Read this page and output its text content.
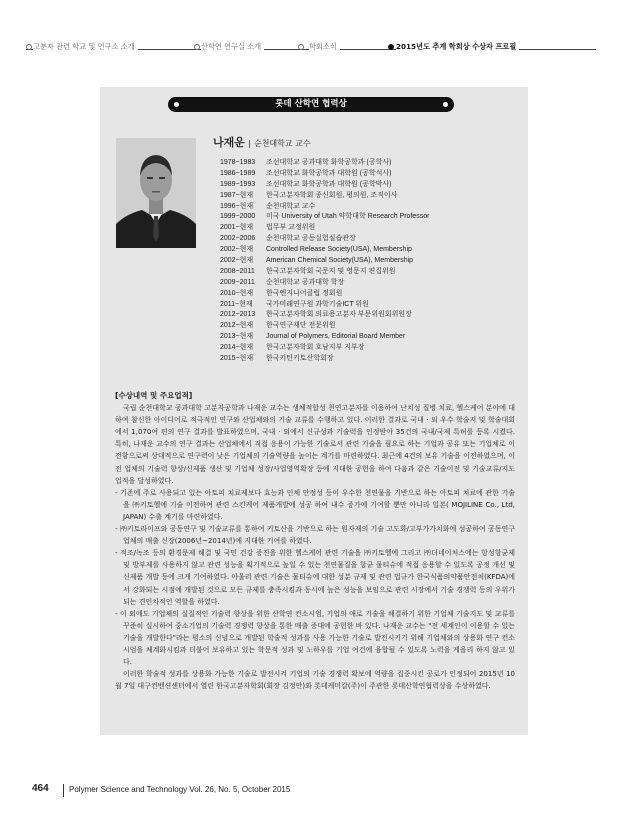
고분자 관련 학교 및 연구소 소개	산학연 연구실 소개	학회소식	2015년도 추계 학회상 수상자 프로필
롯데 산학연 협력상
나재운 | 순천대학교 교수
1978~1983 조선대학교 공과대학 화학공학과 (공학사)
1986~1989 조선대학교 화학공학과 대학원 (공학석사)
1989~1993 조선대학교 화학공학과 대학원 (공학박사)
1987~현재 한국고분자학회 종신회원, 평의원, 조직이사
1996~현재 순천대학교 교수
1999~2000 미국 University of Utah 약학대학 Research Professor
2001~현재 법무부 교정위원
2002~2006 순천대학교 공동실험실습관장
2002~현재 Controlled Release Society(USA), Membership
2002~현재 American Chemical Society(USA), Membership
2008~2011 한국고분자학회 국문지 및 영문지 편집위원
2009~2011 순천대학교 공과대학 학장
2010~현재 한국엔지니어클럽 정회원
2011~현재 국가미래연구원 과학기술ICT 위원
2012~2013 한국고분자학회 의료용고분자 부문위원회위원장
2012~현재 한국연구재단 전문위원
2013~현재 Journal of Polymers, Editorial Board Member
2014~현재 한국고분자학회 호남지부 지부장
2015~현재 한국키틴키토산학회장
[수상내역 및 주요업적]

국립 순천대학교 공과대학 고분자공학과 나재운 교수는 생체적합성 천연고분자를 이용하여 난치성 질병 치료, 헬스케어 분야에 대하여 참신한 아이디어로 적극적인 연구와 산업체와의 기술 교류를 수행하고 있다. 이러한 결과로 국내 · 외 우수 학술지 및 학술대회에서 1,070여 편의 연구 결과를 발표하였으며, 국내 · 외에서 신규성과 기술력을 인정받아 35건의 국내/국제 특허를 등록 시켰다. 특히, 나재운 교수의 연구 결과는 산업체에서 직접 응용이 가능한 기술로서 관련 기술을 필요로 하는 기업과 공유 또는 기업체로 이전함으로써 상대적으로 연구력이 낮은 기업체의 기술역량을 높이는 계기를 마련하였다. 최근에 4건의 보유 기술을 이전하였으며, 이전 업체의 기술력 향상/신제품 생산 및 기업체 성장/사업영역확장 등에 지대한 공헌을 하여 다음과 같은 기술이전 및 기술교류/지도 업적을 달성하였다.

- 기존에 주로 사용되고 있는 아토피 치료제보다 효능과 인체 안정성 등이 우수한 천연물을 기반으로 하는 아토피 치료에 관한 기술을 ㈜키토헬에 기술 이전하여 관련 스킨케어 제품개발에 성공 하여 내수 증가에 기여할 뿐만 아니라 일본( MOJILINE Co., Ltd, JAPAN) 수출 계기를 마련하였다.

- ㈜키토라이프와 공동연구 및 기술교류를 통하여 키토산을 기반으로 하는 원자재의 기술 고도화/고부가가치화에 성공하여 공동연구 업체의 매출 신장(2006년~2014년)에 지대한 기여를 하였다.

- 적조/녹조 등의 환경문제 해결 및 국민 건강 증진을 위한 헬스케어 관련 기술을 ㈜키토헬에 그리고 ㈜더네이처스에는 항성항균제 및 방부제를 사용하지 않고 관련 성능을 획기적으로 높일 수 있는 천연물질을 항균 물티슈에 적접 응용할 수 있도록 공정 개선 및 신제품 개발 등에 크게 기여하였다. 아울러 관련 기술은 물티슈에 대한 성분 규제 및 관련 법규가 한국식품의약품안전처(KFDA)에서 강화되는 시점에 개발된 것으로 모든 규제를 충족시킴과 동시에 높은 성능을 보임으로 관련 시장에서 기술 경쟁력 등의 우위가 되는 견인차적인 역할을 하였다.

- 이 외에도 기업체의 실질적인 기술력 향상을 위한 산학연 컨소시엄, 기업의 애로 기술을 해결하기 위한 기업체 기술지도 및 교류를 꾸준히 실시하여 중소기업의 기술력 경쟁력 향상을 통한 매출 증대에 공헌한 바 있다. 나재운 교수는 "전 세계인이 이용할 수 있는 기술을 개발한다"라는 평소의 신념으로 개발된 학술적 성과를 사용 가능한 기술로 발전시키기 위해 기업체와의 상용화 연구 컨소시엄을 체계화시킴과 더불어 보유하고 있는 학문적 성과 및 노하우를 기업 여건에 융합될 수 있도록 노력을 게을리 하지 않고 있다.

이러한 학술적 성과를 상용화 가능한 기술로 발전시켜 기업의 기술 경쟁력 확보에 역량을 집중시킨 공로가 인정되어 2015년 10월 7일 대구컨벤션센터에서 열린 한국고분자학회(회장 김정안)와 롯데케미칼(주)이 주관한 롯데산학연협력상을 수상하였다.

464	Polymer Science and Technology Vol. 26, No. 5, October 2015
